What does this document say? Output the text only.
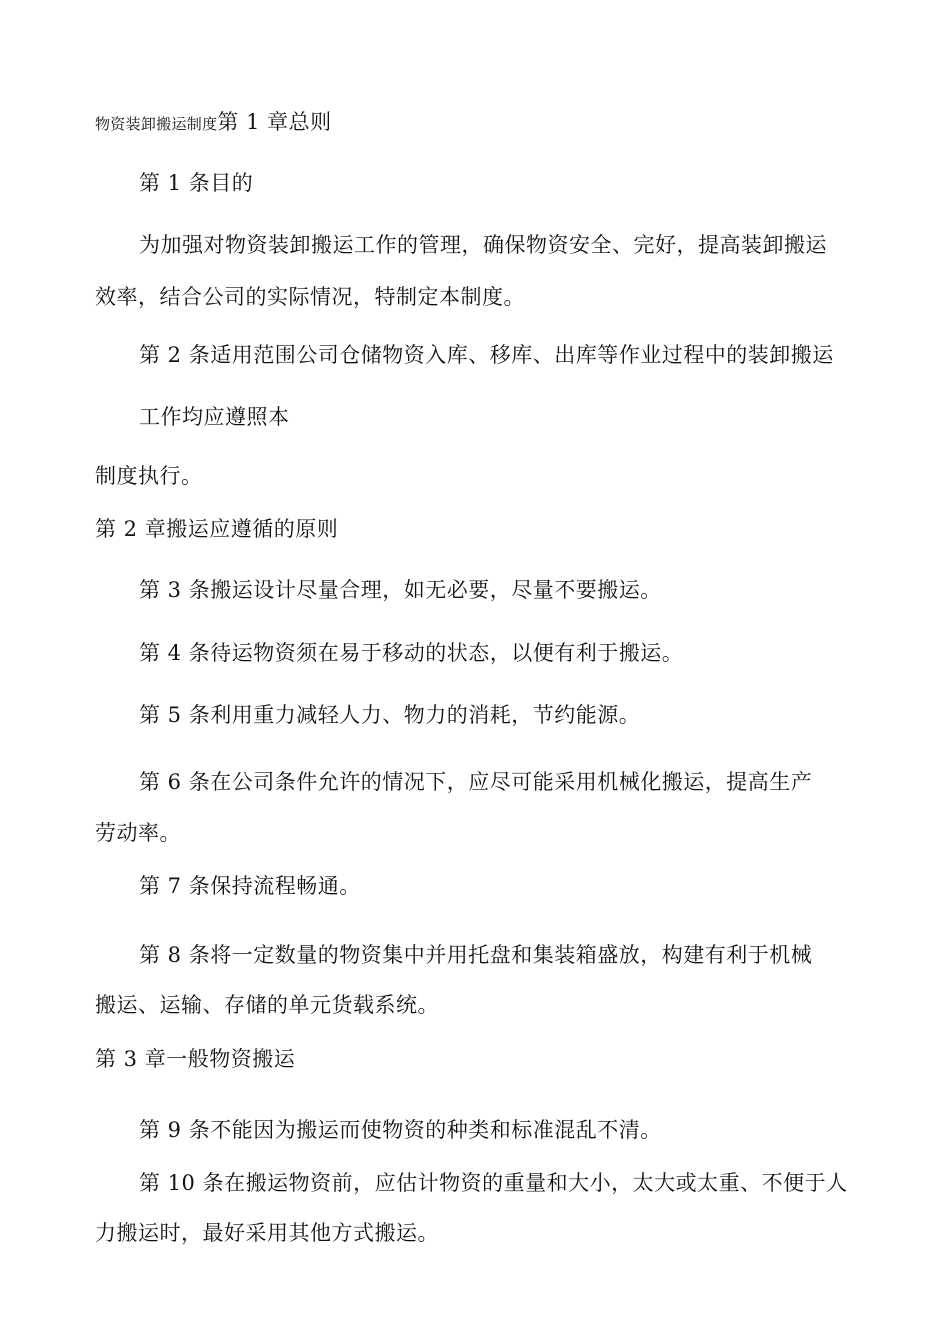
物资装卸搬运制度第 1 章总则
第 1 条目的
为加强对物资装卸搬运工作的管理，确保物资安全、完好，提高装卸搬运
效率，结合公司的实际情况，特制定本制度。
第 2 条适用范围公司仓储物资入库、移库、出库等作业过程中的装卸搬运
工作均应遵照本
制度执行。
第 2 章搬运应遵循的原则
第 3 条搬运设计尽量合理，如无必要，尽量不要搬运。
第 4 条待运物资须在易于移动的状态，以便有利于搬运。
第 5 条利用重力减轻人力、物力的消耗，节约能源。
第 6 条在公司条件允许的情况下，应尽可能采用机械化搬运，提高生产
劳动率。
第 7 条保持流程畅通。
第 8 条将一定数量的物资集中并用托盘和集装箱盛放，构建有利于机械
搬运、运输、存储的单元货载系统。
第 3 章一般物资搬运
第 9 条不能因为搬运而使物资的种类和标准混乱不清。
第 10 条在搬运物资前，应估计物资的重量和大小，太大或太重、不便于人
力搬运时，最好采用其他方式搬运。
